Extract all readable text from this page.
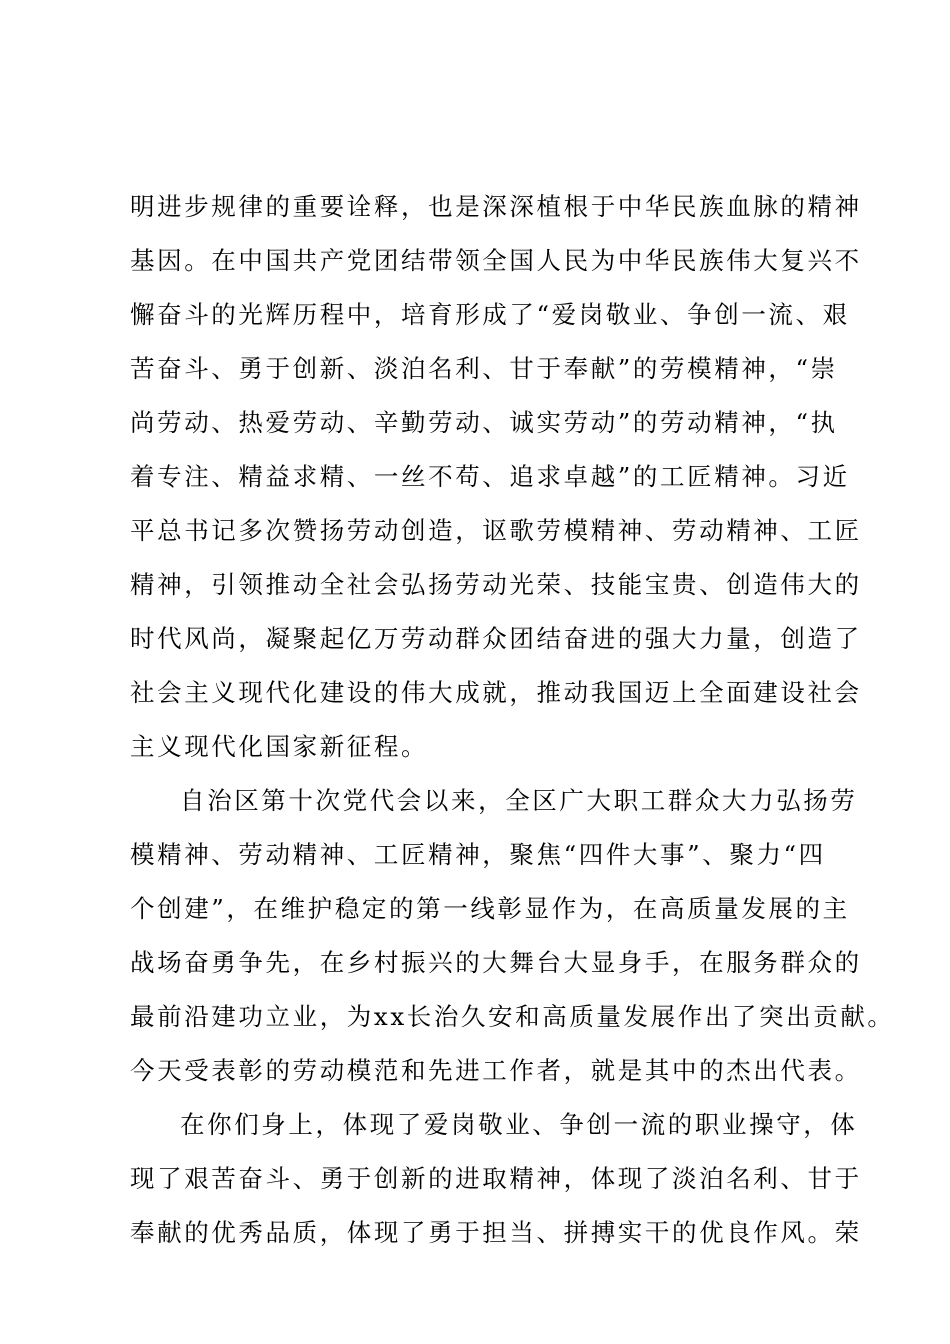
明进步规律的重要诠释，也是深深植根于中华民族血脉的精神
基因。在中国共产党团结带领全国人民为中华民族伟大复兴不
懈奋斗的光辉历程中，培育形成了“爱岗敬业、争创一流、艰
苦奋斗、勇于创新、淡泊名利、甘于奉献”的劳模精神，“崇
尚劳动、热爱劳动、辛勤劳动、诚实劳动”的劳动精神，“执
着专注、精益求精、一丝不苟、追求卓越”的工匠精神。习近
平总书记多次赞扬劳动创造，讴歌劳模精神、劳动精神、工匠
精神，引领推动全社会弘扬劳动光荣、技能宝贵、创造伟大的
时代风尚，凝聚起亿万劳动群众团结奋进的强大力量，创造了
社会主义现代化建设的伟大成就，推动我国迈上全面建设社会
主义现代化国家新征程。
自治区第十次党代会以来，全区广大职工群众大力弘扬劳
模精神、劳动精神、工匠精神，聚焦“四件大事”、聚力“四
个创建”，在维护稳定的第一线彰显作为，在高质量发展的主
战场奋勇争先，在乡村振兴的大舞台大显身手，在服务群众的
最前沿建功立业，为xx长治久安和高质量发展作出了突出贡献。
今天受表彰的劳动模范和先进工作者，就是其中的杰出代表。
在你们身上，体现了爱岗敬业、争创一流的职业操守，体
现了艰苦奋斗、勇于创新的进取精神，体现了淡泊名利、甘于
奉献的优秀品质，体现了勇于担当、拼搏实干的优良作风。荣
